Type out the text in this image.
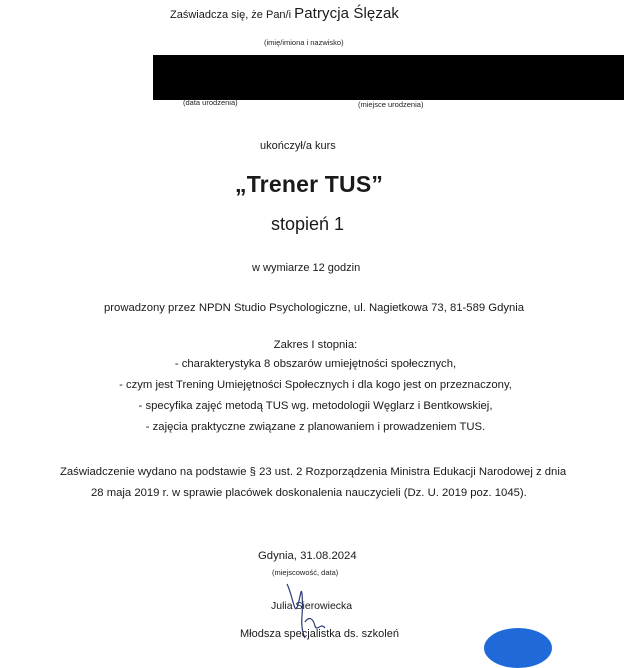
Zaświadcza się, że Pan/i Patrycja Ślęzak
(imię/imiona i nazwisko)
(data urodzenia)	(miejsce urodzenia)
ukończył/a kurs
„Trener TUS”
stopień 1
w wymiarze 12 godzin
prowadzony przez NPDN Studio Psychologiczne, ul. Nagietkowa 73, 81-589 Gdynia
Zakres I stopnia:
- charakterystyka 8 obszarów umiejętności społecznych,
- czym jest Trening Umiejętności Społecznych i dla kogo jest on przeznaczony,
- specyfika zajęć metodą TUS wg. metodologii Węglarz i Bentkowskiej,
- zajęcia praktyczne związane z planowaniem i prowadzeniem TUS.
Zaświadczenie wydano na podstawie § 23 ust. 2 Rozporządzenia Ministra Edukacji Narodowej z dnia
28 maja 2019 r. w sprawie placówek doskonalenia nauczycieli (Dz. U. 2019 poz. 1045).
Gdynia, 31.08.2024
(miejscowość, data)
Julia Sierowiecka
Młodsza specjalistka ds. szkoleń
